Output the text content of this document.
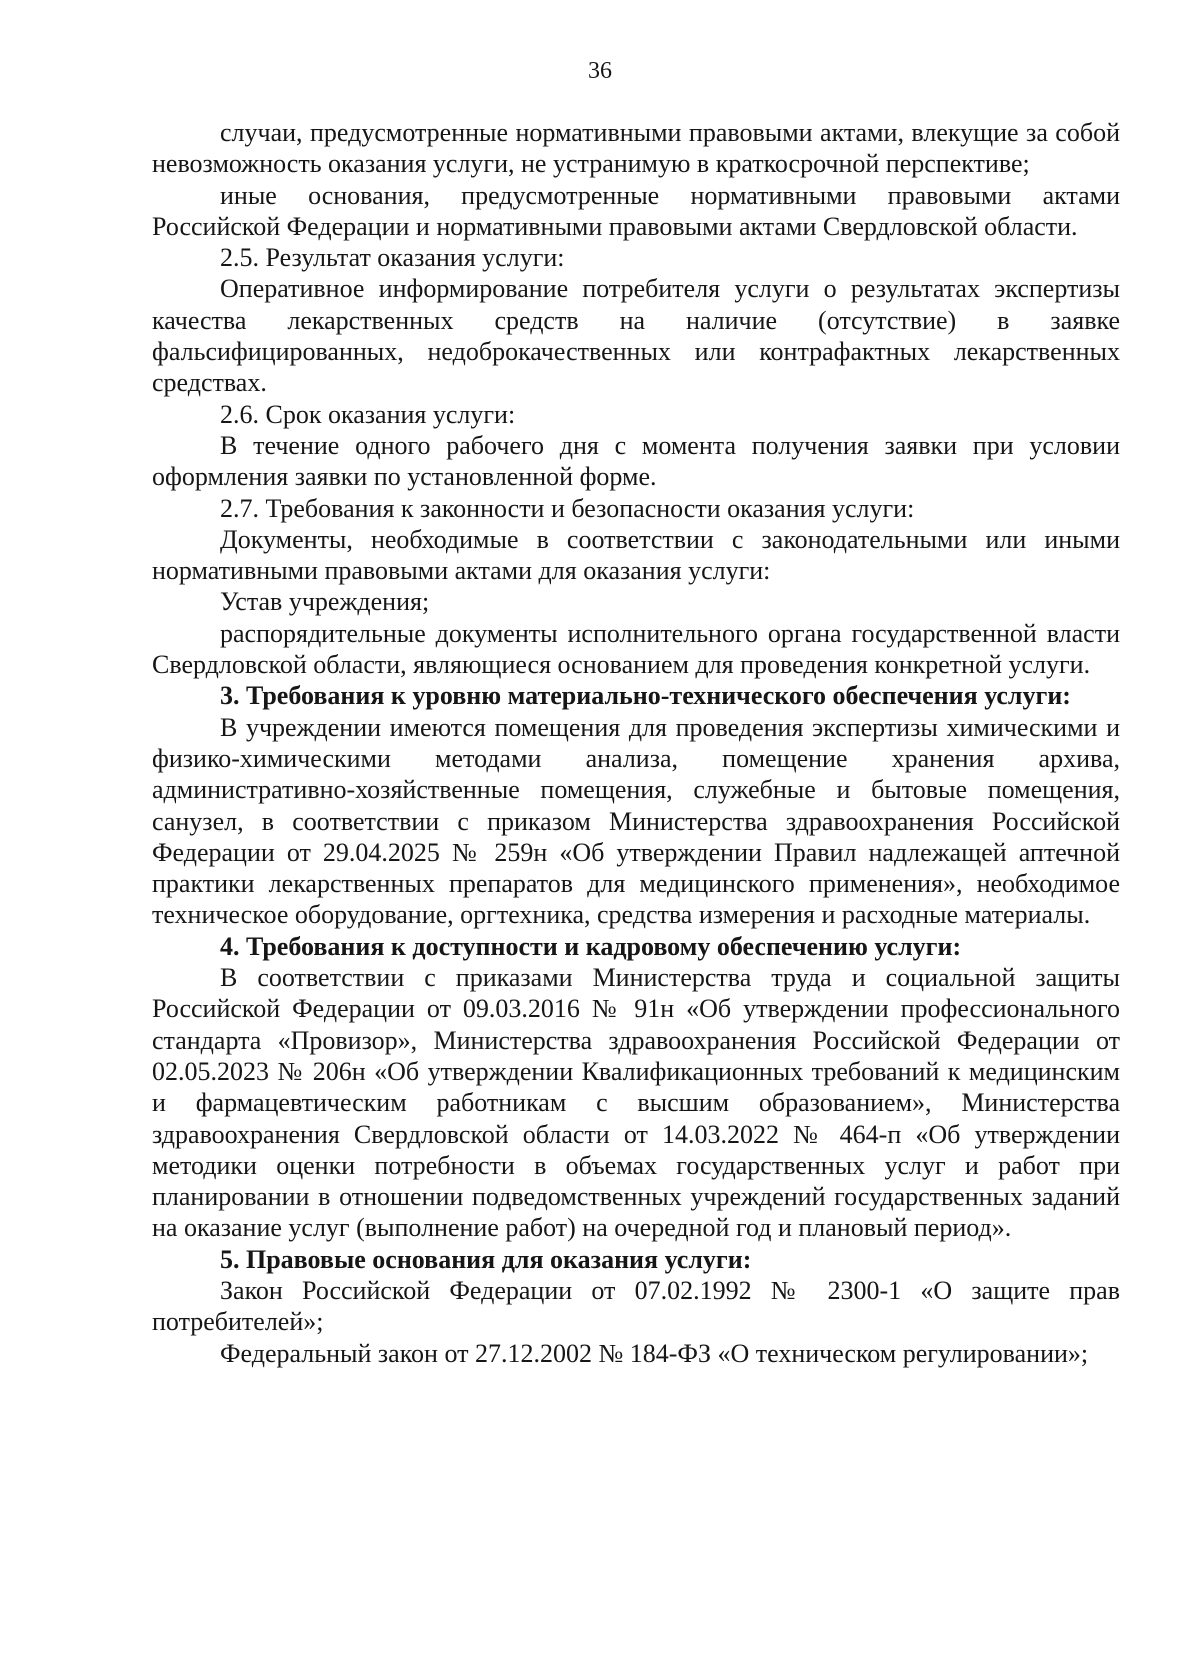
36

случаи, предусмотренные нормативными правовыми актами, влекущие за собой невозможность оказания услуги, не устранимую в краткосрочной перспективе;

иные основания, предусмотренные нормативными правовыми актами Российской Федерации и нормативными правовыми актами Свердловской области.

2.5. Результат оказания услуги:

Оперативное информирование потребителя услуги о результатах экспертизы качества лекарственных средств на наличие (отсутствие) в заявке фальсифицированных, недоброкачественных или контрафактных лекарственных средствах.

2.6. Срок оказания услуги:

В течение одного рабочего дня с момента получения заявки при условии оформления заявки по установленной форме.

2.7. Требования к законности и безопасности оказания услуги:

Документы, необходимые в соответствии с законодательными или иными нормативными правовыми актами для оказания услуги:

Устав учреждения;

распорядительные документы исполнительного органа государственной власти Свердловской области, являющиеся основанием для проведения конкретной услуги.

3. Требования к уровню материально-технического обеспечения услуги:

В учреждении имеются помещения для проведения экспертизы химическими и физико-химическими методами анализа, помещение хранения архива, административно-хозяйственные помещения, служебные и бытовые помещения, санузел, в соответствии с приказом Министерства здравоохранения Российской Федерации от 29.04.2025 № 259н «Об утверждении Правил надлежащей аптечной практики лекарственных препаратов для медицинского применения», необходимое техническое оборудование, оргтехника, средства измерения и расходные материалы.

4. Требования к доступности и кадровому обеспечению услуги:

В соответствии с приказами Министерства труда и социальной защиты Российской Федерации от 09.03.2016 № 91н «Об утверждении профессионального стандарта «Провизор», Министерства здравоохранения Российской Федерации от 02.05.2023 № 206н «Об утверждении Квалификационных требований к медицинским и фармацевтическим работникам с высшим образованием», Министерства здравоохранения Свердловской области от 14.03.2022 № 464-п «Об утверждении методики оценки потребности в объемах государственных услуг и работ при планировании в отношении подведомственных учреждений государственных заданий на оказание услуг (выполнение работ) на очередной год и плановый период».

5. Правовые основания для оказания услуги:

Закон Российской Федерации от 07.02.1992 № 2300-1 «О защите прав потребителей»;

Федеральный закон от 27.12.2002 № 184-ФЗ «О техническом регулировании»;
